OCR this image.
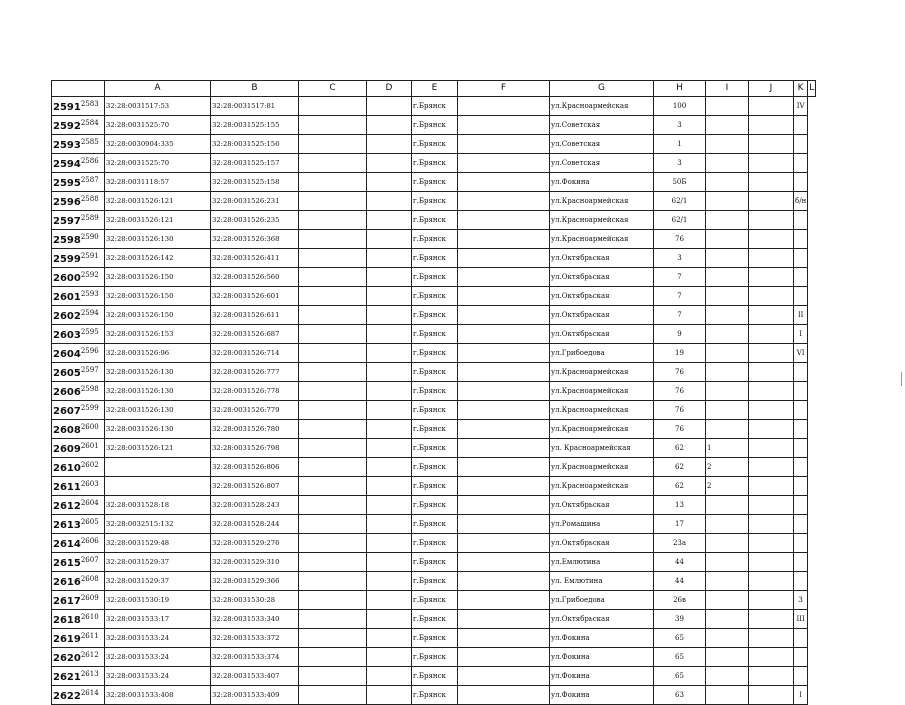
	A	B	C	D	E	F	G	H	I	J	K	L
$2591^{2583}$	32:28:0031517:53	32:28:0031517:81			г.Брянск		ул.Красноармейская	100			IV	
$2592^{2584}$	32:28:0031525:70	32:28:0031525:155			г.Брянск		ул.Советская	3				
$2593^{2585}$	32:28:0030904:335	32:28:0031525:156			г.Брянск		ул.Советская	1				
$2594^{2586}$	32:28:0031525:70	32:28:0031525:157			г.Брянск		ул.Советская	3				
$2595^{2587}$	32:28:0031118:57	32:28:0031525:158			г.Брянск		ул.Фокина	50Б				
$2596^{2588}$	32:28:0031526:121	32:28:0031526:231			г.Брянск		ул.Красноармейская	62/1			б/н	
$2597^{2589}$	32:28:0031526:121	32:28:0031526:235			г.Брянск		ул.Красноармейская	62/1				
$2598^{2590}$	32:28:0031526:130	32:28:0031526:368			г.Брянск		ул.Красноармейская	76				
$2599^{2591}$	32:28:0031526:142	32:28:0031526:411			г.Брянск		ул.Октябрьская	3				
$2600^{2592}$	32:28:0031526:150	32:28:0031526:560			г.Брянск		ул.Октябрьская	7				
$2601^{2593}$	32:28:0031526:150	32:28:0031526:601			г.Брянск		ул.Октябрьская	7				
$2602^{2594}$	32:28:0031526:150	32:28:0031526:611			г.Брянск		ул.Октябрьская	7			II	
$2603^{2595}$	32:28:0031526:153	32:28:0031526:687			г.Брянск		ул.Октябрьская	9			I	
$2604^{2596}$	32:28:0031526:96	32:28:0031526:714			г.Брянск		ул.Грибоедова	19			VI	
$2605^{2597}$	32:28:0031526:130	32:28:0031526:777			г.Брянск		ул.Красноармейская	76				
$2606^{2598}$	32:28:0031526:130	32:28:0031526:778			г.Брянск		ул.Красноармейская	76				
$2607^{2599}$	32:28:0031526:130	32:28:0031526:779			г.Брянск		ул.Красноармейская	76				
$2608^{2600}$	32:28:0031526:130	32:28:0031526:780			г.Брянск		ул.Красноармейская	76				
$2609^{2601}$	32:28:0031526:121	32:28:0031526:798			г.Брянск		ул. Красноармейская	62	1			
$2610^{2602}$		32:28:0031526:806			г.Брянск		ул.Красноармейская	62	2			
$2611^{2603}$		32:28:0031526:807			г.Брянск		ул.Красноармейская	62	2			
$2612^{2604}$	32:28:0031528:18	32:28:0031528:243			г.Брянск		ул.Октябрьская	13				
$2613^{2605}$	32:28:0032515:132	32:28:0031528:244			г.Брянск		ул.Ромашина	17				
$2614^{2606}$	32:28:0031529:48	32:28:0031529:276			г.Брянск		ул.Октябрьская	23а				
$2615^{2607}$	32:28:0031529:37	32:28:0031529:310			г.Брянск		ул.Емлютина	44				
$2616^{2608}$	32:28:0031529:37	32:28:0031529:366			г.Брянск		ул. Емлютина	44				
$2617^{2609}$	32:28:0031530:19	32:28:0031530:28			г.Брянск		ул.Грибоедова	26в			3	
$2618^{2610}$	32:28:0031533:17	32:28:0031533:340			г.Брянск		ул.Октябрьская	39			III	
$2619^{2611}$	32:28:0031533:24	32:28:0031533:372			г.Брянск		ул.Фокина	65				
$2620^{2612}$	32:28:0031533:24	32:28:0031533:374			г.Брянск		ул.Фокина	65				
$2621^{2613}$	32:28:0031533:24	32:28:0031533:407			г.Брянск		ул.Фокина	65				
$2622^{2614}$	32:28:0031533:408	32:28:0031533:409			г.Брянск		ул.Фокина	63			I	
